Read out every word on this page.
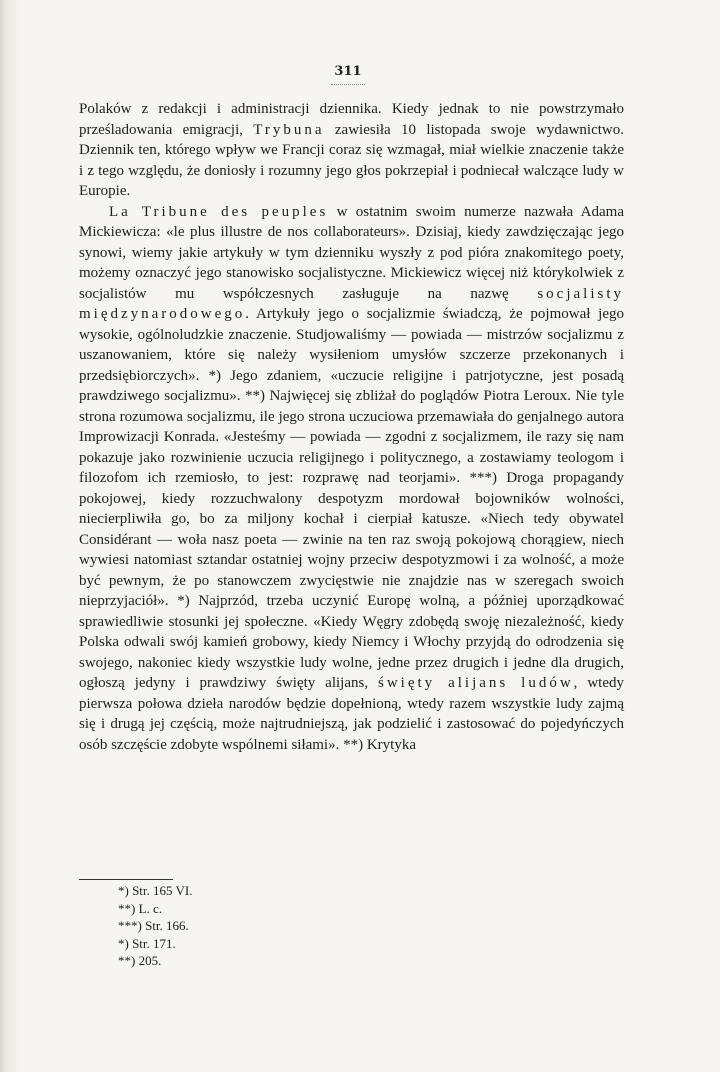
311

Polaków z redakcji i administracji dziennika. Kiedy jednak to nie powstrzymało prześladowania emigracji, Trybuna zawiesiła 10 listopada swoje wydawnictwo. Dziennik ten, którego wpływ we Francji coraz się wzmagał, miał wielkie znaczenie także i z tego względu, że doniosły i rozumny jego głos pokrzepiał i podniecał walczące ludy w Europie.

La Tribune des peuples w ostatnim swoim numerze nazwała Adama Mickiewicza: «le plus illustre de nos collaborateurs». Dzisiaj, kiedy zawdzięczając jego synowi, wiemy jakie artykuły w tym dzienniku wyszły z pod pióra znakomitego poety, możemy oznaczyć jego stanowisko socjalistyczne. Mickiewicz więcej niż którykolwiek z socjalistów mu współczesnych zasługuje na nazwę socjalisty międzynarodowego. Artykuły jego o socjalizmie świadczą, że pojmował jego wysokie, ogólnoludzkie znaczenie. Studjowaliśmy — powiada — mistrzów socjalizmu z uszanowaniem, które się należy wysiłeniom umysłów szczerze przekonanych i przedsiębiorczych». *) Jego zdaniem, «uczucie religijne i patrjotyczne, jest posadą prawdziwego socjalizmu». **) Najwięcej się zbliżał do poglądów Piotra Leroux. Nie tyle strona rozumowa socjalizmu, ile jego strona uczuciowa przemawiała do genjalnego autora Improwizacji Konrada. «Jesteśmy — powiada — zgodni z socjalizmem, ile razy się nam pokazuje jako rozwinienie uczucia religijnego i politycznego, a zostawiamy teologom i filozofom ich rzemiosło, to jest: rozprawę nad teorjami». ***) Droga propagandy pokojowej, kiedy rozzuchwalony despotyzm mordował bojowników wolności, niecierpliwiła go, bo za miljony kochał i cierpiał katusze. «Niech tedy obywatel Considérant — woła nasz poeta — zwinie na ten raz swoją pokojową chorągiew, niech wywiesi natomiast sztandar ostatniej wojny przeciw despotyzmowi i za wolność, a może być pewnym, że po stanowczem zwycięstwie nie znajdzie nas w szeregach swoich nieprzyjaciół». *) Najprzód, trzeba uczynić Europę wolną, a później uporządkować sprawiedliwie stosunki jej społeczne. «Kiedy Węgry zdobędą swoję niezależność, kiedy Polska odwali swój kamień grobowy, kiedy Niemcy i Włochy przyjdą do odrodzenia się swojego, nakoniec kiedy wszystkie ludy wolne, jedne przez drugich i jedne dla drugich, ogłoszą jedyny i prawdziwy święty alijans, święty alijans ludów, wtedy pierwsza połowa dzieła narodów będzie dopełnioną, wtedy razem wszystkie ludy zajmą się i drugą jej częścią, może najtrudniejszą, jak podzielić i zastosować do pojedyńczych osób szczęście zdobyte wspólnemi siłami». **) Krytyka

*) Str. 165 VI.
**) L. c.
***) Str. 166.
*) Str. 171.
**) 205.
